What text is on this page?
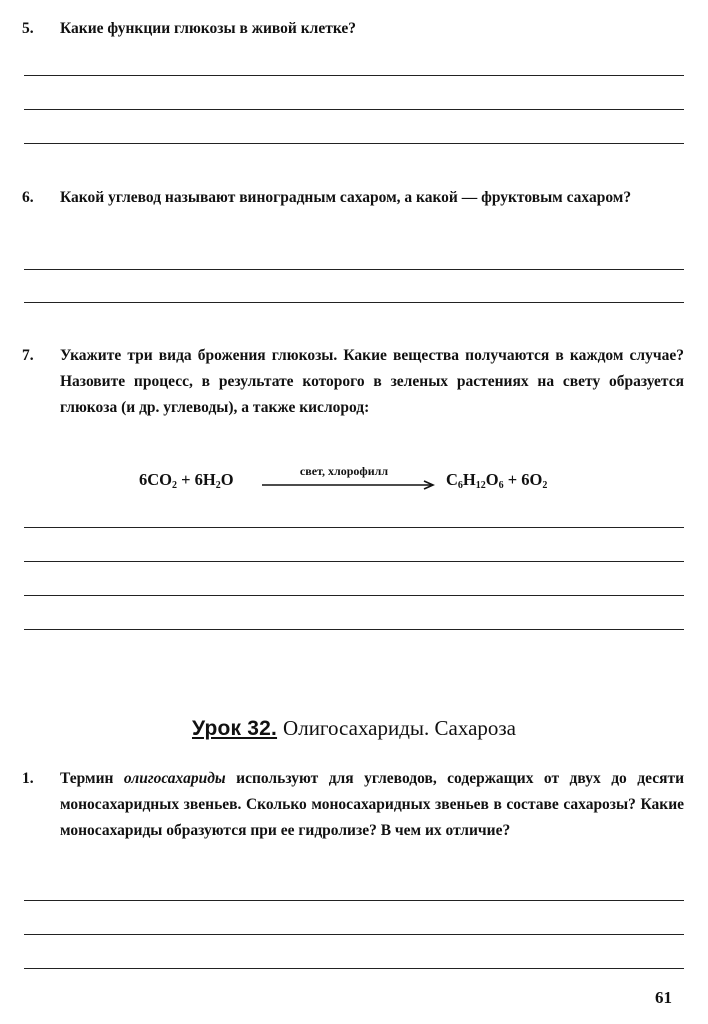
5.	Какие функции глюкозы в живой клетке?
6.	Какой углевод называют виноградным сахаром, а какой — фруктовым сахаром?
7.	Укажите три вида брожения глюкозы. Какие вещества получаются в каждом случае? Назовите процесс, в результате которого в зеленых растениях на свету образуется глюкоза (и др. углеводы), а также кислород:
$6CO_2 + 6H_2O$	свет, хлорофилл	$C_6H_{12}O_6 + 6O_2$
Урок 32. Олигосахариды. Сахароза
1.	Термин олигосахариды используют для углеводов, содержащих от двух до десяти моносахаридных звеньев. Сколько моносахаридных звеньев в составе сахарозы? Какие моносахариды образуются при ее гидролизе? В чем их отличие?
61
